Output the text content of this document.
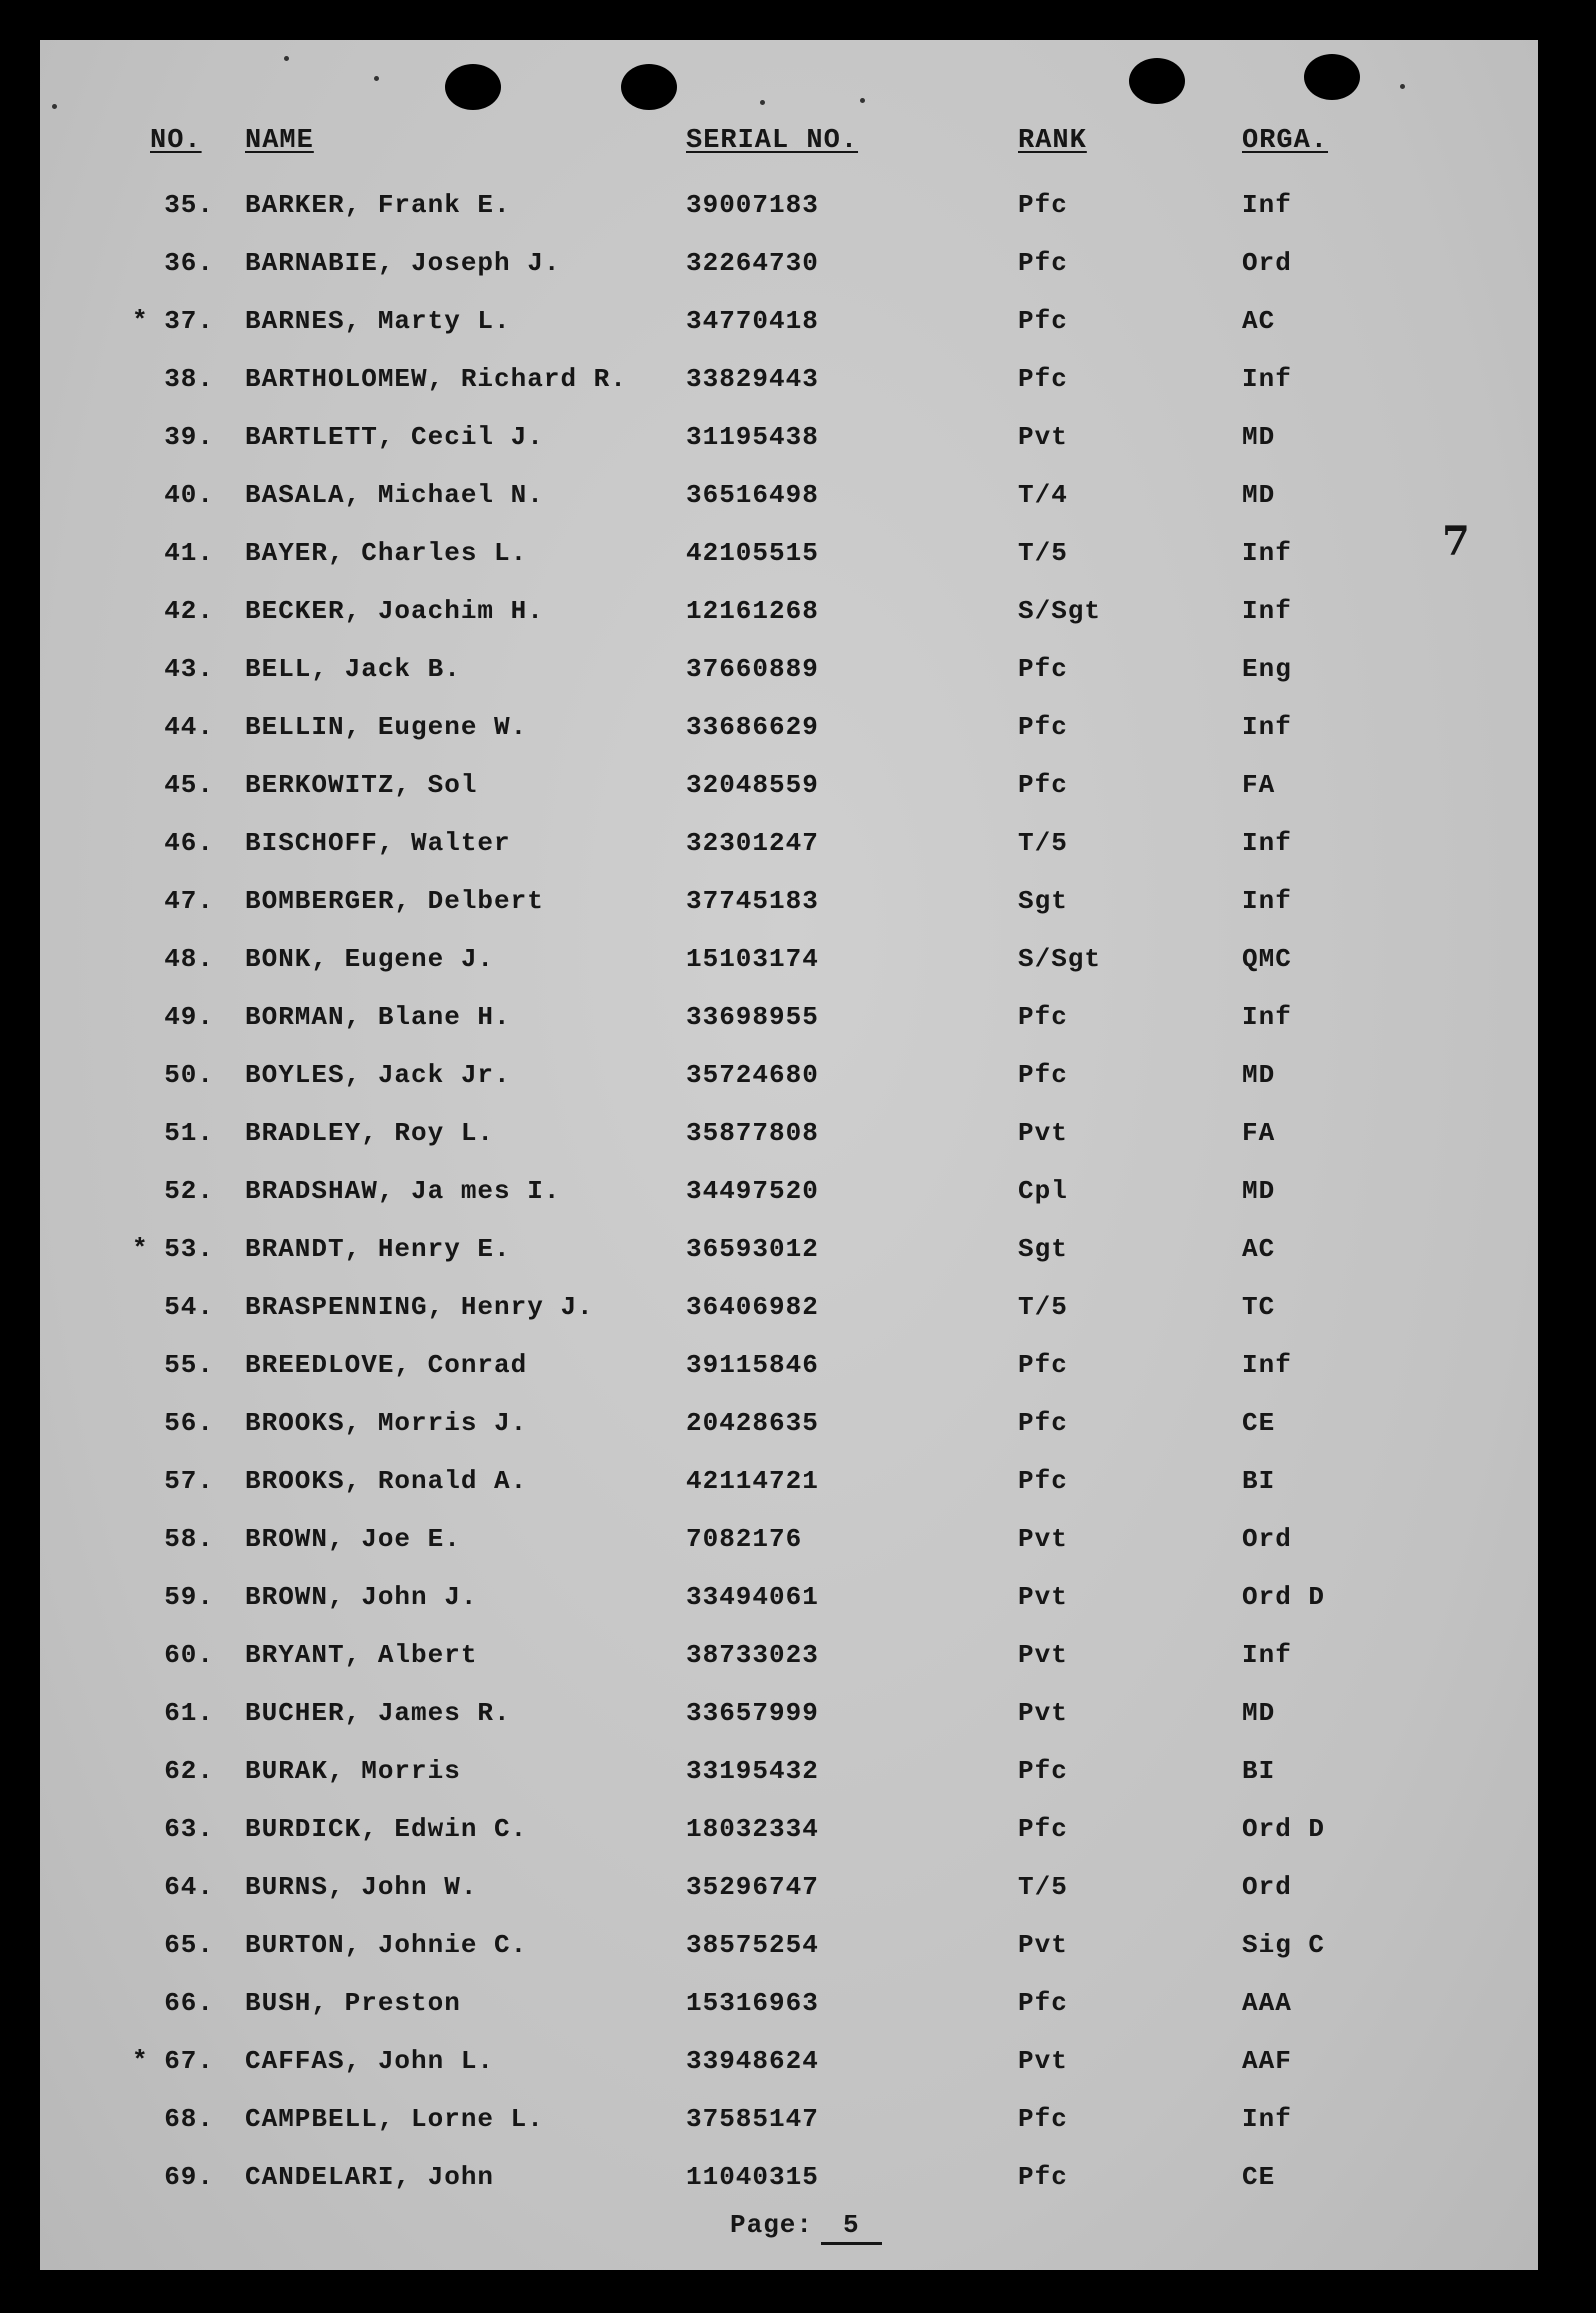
NO. NAME	SERIAL NO.	RANK	ORGA.
35. BARKER, Frank E.	39007183	Pfc	Inf
36. BARNABIE, Joseph J.	32264730	Pfc	Ord
* 37. BARNES, Marty L.	34770418	Pfc	AC
38. BARTHOLOMEW, Richard R. 33829443	Pfc	Inf
39. BARTLETT, Cecil J.	31195438	Pvt	MD
40. BASALA, Michael N.	36516498	T/4	MD
41. BAYER, Charles L.	42105515	T/5	Inf
42. BECKER, Joachim H.	12161268	S/Sgt	Inf
43. BELL, Jack B.	37660889	Pfc	Eng
44. BELLIN, Eugene W.	33686629	Pfc	Inf
45. BERKOWITZ, Sol	32048559	Pfc	FA
46. BISCHOFF, Walter	32301247	T/5	Inf
47. BOMBERGER, Delbert	37745183	Sgt	Inf
48. BONK, Eugene J.	15103174	S/Sgt	QMC
49. BORMAN, Blane H.	33698955	Pfc	Inf
50. BOYLES, Jack Jr.	35724680	Pfc	MD
51. BRADLEY, Roy L.	35877808	Pvt	FA
52. BRADSHAW, Ja mes I.	34497520	Cpl	MD
* 53. BRANDT, Henry E.	36593012	Sgt	AC
54. BRASPENNING, Henry J.	36406982	T/5	TC
55. BREEDLOVE, Conrad	39115846	Pfc	Inf
56. BROOKS, Morris J.	20428635	Pfc	CE
57. BROOKS, Ronald A.	42114721	Pfc	BI
58. BROWN, Joe E.	7082176	Pvt	Ord
59. BROWN, John J.	33494061	Pvt	Ord D
60. BRYANT, Albert	38733023	Pvt	Inf
61. BUCHER, James R.	33657999	Pvt	MD
62. BURAK, Morris	33195432	Pfc	BI
63. BURDICK, Edwin C.	18032334	Pfc	Ord D
64. BURNS, John W.	35296747	T/5	Ord
65. BURTON, Johnie C.	38575254	Pvt	Sig C
66. BUSH, Preston	15316963	Pfc	AAA
* 67. CAFFAS, John L.	33948624	Pvt	AAF
68. CAMPBELL, Lorne L.	37585147	Pfc	Inf
69. CANDELARI, John	11040315	Pfc	CE
7
Page: 5
